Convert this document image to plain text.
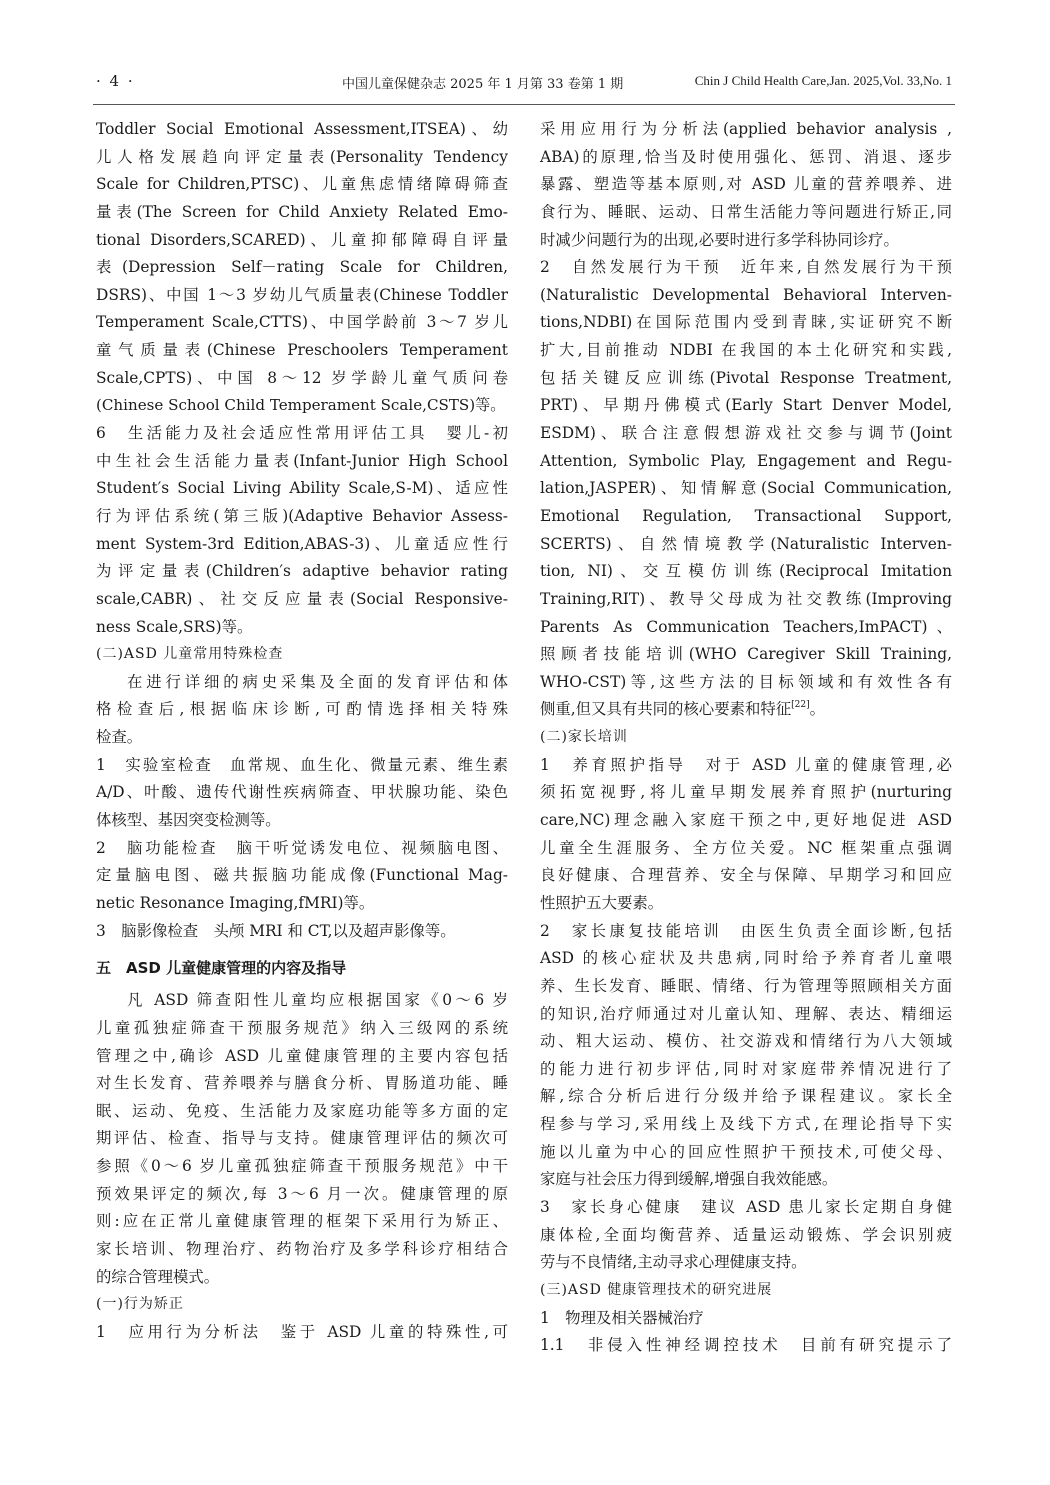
· 4 ·	中国儿童保健杂志 2025 年 1 月第 33 卷第 1 期	Chin J Child Health Care,Jan. 2025,Vol. 33,No. 1
Toddler Social Emotional Assessment,ITSEA)、幼
儿人格发展趋向评定量表(Personality Tendency
Scale for Children,PTSC)、儿童焦虑情绪障碍筛查
量表(The Screen for Child Anxiety Related Emo-
tional Disorders,SCARED)、儿童抑郁障碍自评量
表(Depression Self－rating Scale for Children,
DSRS)、中国 1～3 岁幼儿气质量表(Chinese Toddler
Temperament Scale,CTTS)、中国学龄前 3～7 岁儿
童气质量表(Chinese Preschoolers Temperament
Scale,CPTS)、中国 8～12 岁学龄儿童气质问卷
(Chinese School Child Temperament Scale,CSTS)等。
6　生活能力及社会适应性常用评估工具　婴儿-初
中生社会生活能力量表(Infant-Junior High School
Student′s Social Living Ability Scale,S-M)、适应性
行为评估系统(第三版)(Adaptive Behavior Assess-
ment System-3rd Edition,ABAS-3)、儿童适应性行
为评定量表(Children′s adaptive behavior rating
scale,CABR)、社交反应量表(Social Responsive-
ness Scale,SRS)等。
(二)ASD 儿童常用特殊检查
在进行详细的病史采集及全面的发育评估和体
格检查后,根据临床诊断,可酌情选择相关特殊
检查。
1　实验室检查　血常规、血生化、微量元素、维生素
A/D、叶酸、遗传代谢性疾病筛查、甲状腺功能、染色
体核型、基因突变检测等。
2　脑功能检查　脑干听觉诱发电位、视频脑电图、
定量脑电图、磁共振脑功能成像(Functional Mag-
netic Resonance Imaging,fMRI)等。
3　脑影像检查　头颅 MRI 和 CT,以及超声影像等。
五　ASD 儿童健康管理的内容及指导
凡 ASD 筛查阳性儿童均应根据国家《0～6 岁
儿童孤独症筛查干预服务规范》纳入三级网的系统
管理之中,确诊 ASD 儿童健康管理的主要内容包括
对生长发育、营养喂养与膳食分析、胃肠道功能、睡
眠、运动、免疫、生活能力及家庭功能等多方面的定
期评估、检查、指导与支持。健康管理评估的频次可
参照《0～6 岁儿童孤独症筛查干预服务规范》中干
预效果评定的频次,每 3～6 月一次。健康管理的原
则:应在正常儿童健康管理的框架下采用行为矫正、
家长培训、物理治疗、药物治疗及多学科诊疗相结合
的综合管理模式。
(一)行为矫正
1　应用行为分析法　鉴于 ASD 儿童的特殊性,可
采用应用行为分析法(applied behavior analysis ,
ABA)的原理,恰当及时使用强化、惩罚、消退、逐步
暴露、塑造等基本原则,对 ASD 儿童的营养喂养、进
食行为、睡眠、运动、日常生活能力等问题进行矫正,同
时减少问题行为的出现,必要时进行多学科协同诊疗。
2　自然发展行为干预　近年来,自然发展行为干预
(Naturalistic Developmental Behavioral Interven-
tions,NDBI)在国际范围内受到青睐,实证研究不断
扩大,目前推动 NDBI 在我国的本土化研究和实践,
包括关键反应训练(Pivotal Response Treatment,
PRT)、早期丹佛模式(Early Start Denver Model,
ESDM)、联合注意假想游戏社交参与调节(Joint
Attention, Symbolic Play, Engagement and Regu-
lation,JASPER)、知情解意(Social Communication,
Emotional Regulation, Transactional Support,
SCERTS)、自然情境教学(Naturalistic Interven-
tion, NI)、交互模仿训练(Reciprocal Imitation
Training,RIT)、教导父母成为社交教练(Improving
Parents As Communication Teachers,ImPACT)、
照顾者技能培训(WHO Caregiver Skill Training,
WHO-CST)等,这些方法的目标领域和有效性各有
侧重,但又具有共同的核心要素和特征[22]。
(二)家长培训
1　养育照护指导　对于 ASD 儿童的健康管理,必
须拓宽视野,将儿童早期发展养育照护(nurturing
care,NC)理念融入家庭干预之中,更好地促进 ASD
儿童全生涯服务、全方位关爱。NC 框架重点强调
良好健康、合理营养、安全与保障、早期学习和回应
性照护五大要素。
2　家长康复技能培训　由医生负责全面诊断,包括
ASD 的核心症状及共患病,同时给予养育者儿童喂
养、生长发育、睡眠、情绪、行为管理等照顾相关方面
的知识,治疗师通过对儿童认知、理解、表达、精细运
动、粗大运动、模仿、社交游戏和情绪行为八大领域
的能力进行初步评估,同时对家庭带养情况进行了
解,综合分析后进行分级并给予课程建议。家长全
程参与学习,采用线上及线下方式,在理论指导下实
施以儿童为中心的回应性照护干预技术,可使父母、
家庭与社会压力得到缓解,增强自我效能感。
3　家长身心健康　建议 ASD 患儿家长定期自身健
康体检,全面均衡营养、适量运动锻炼、学会识别疲
劳与不良情绪,主动寻求心理健康支持。
(三)ASD 健康管理技术的研究进展
1　物理及相关器械治疗
1.1　非侵入性神经调控技术　目前有研究提示了
